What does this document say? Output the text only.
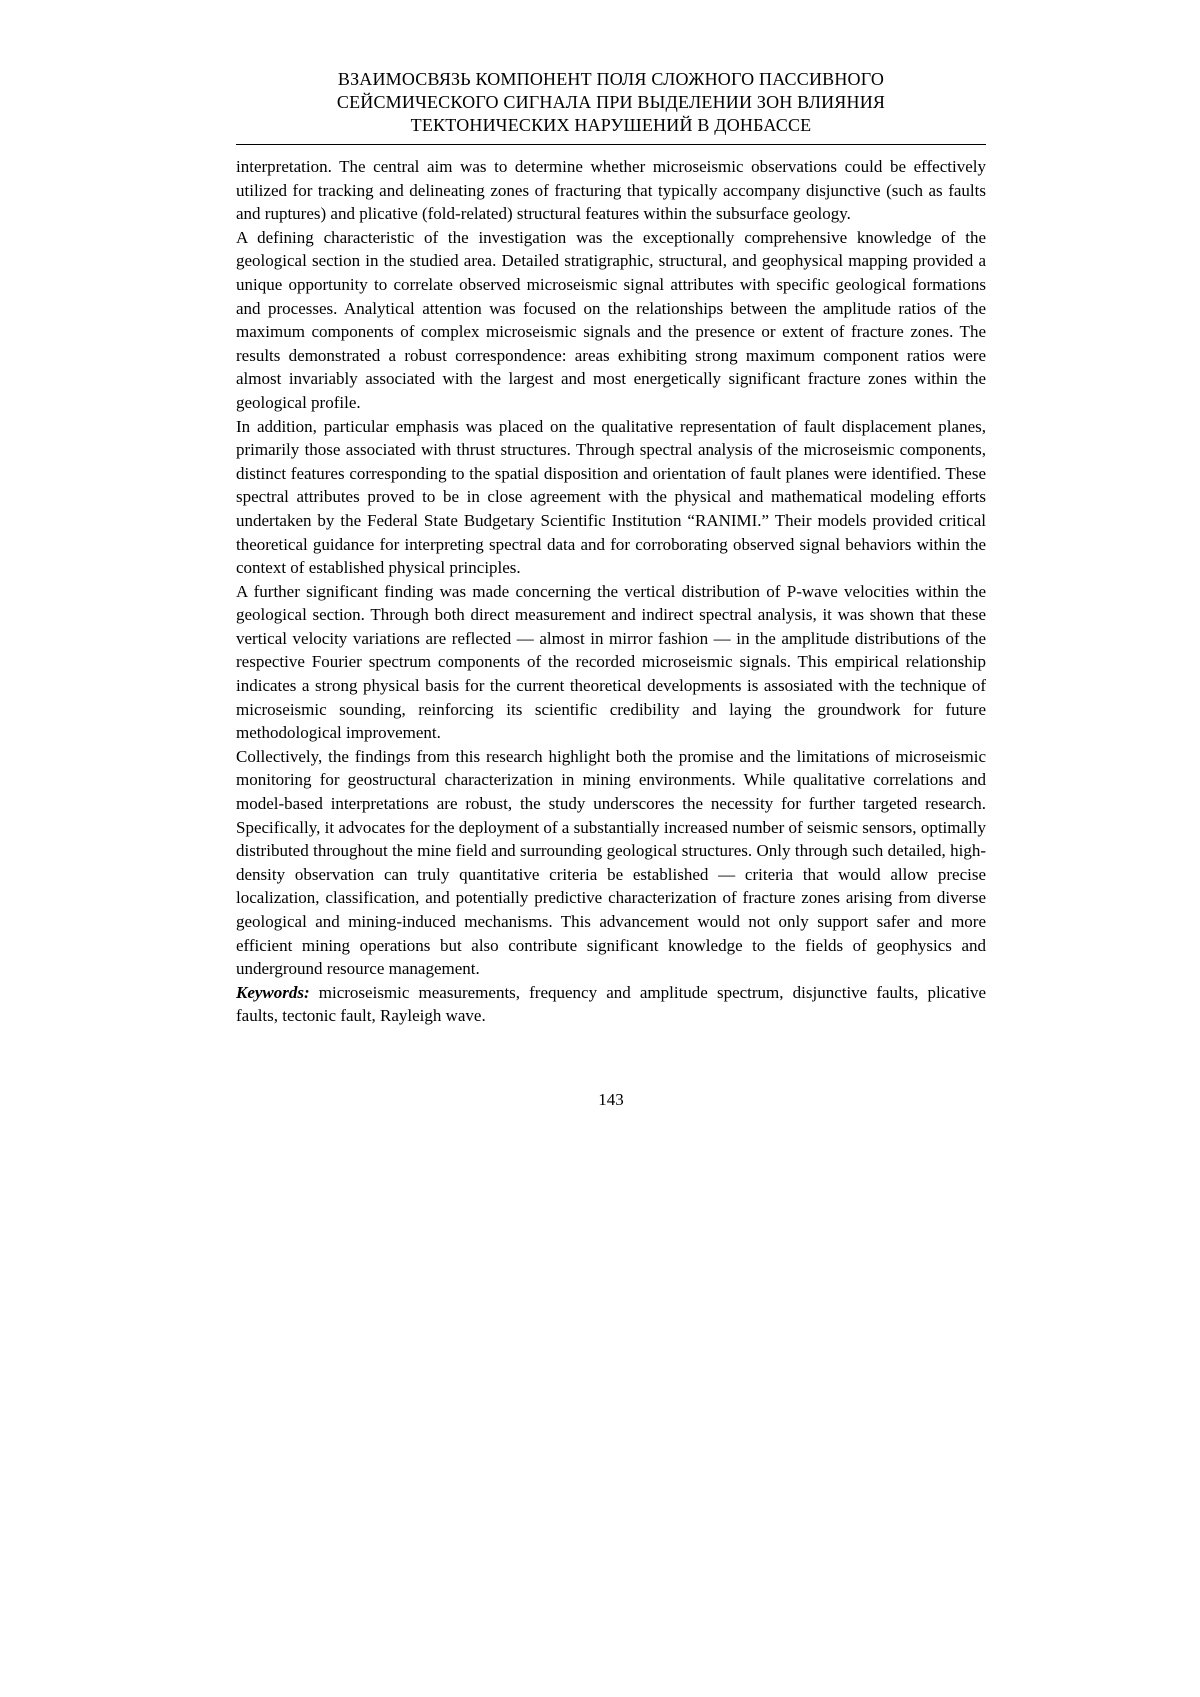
ВЗАИМОСВЯЗЬ КОМПОНЕНТ ПОЛЯ СЛОЖНОГО ПАССИВНОГО
СЕЙСМИЧЕСКОГО СИГНАЛА ПРИ ВЫДЕЛЕНИИ ЗОН ВЛИЯНИЯ
ТЕКТОНИЧЕСКИХ НАРУШЕНИЙ В ДОНБАССЕ

interpretation. The central aim was to determine whether microseismic observations could be effectively utilized for tracking and delineating zones of fracturing that typically accompany disjunctive (such as faults and ruptures) and plicative (fold-related) structural features within the subsurface geology.

A defining characteristic of the investigation was the exceptionally comprehensive knowledge of the geological section in the studied area. Detailed stratigraphic, structural, and geophysical mapping provided a unique opportunity to correlate observed microseismic signal attributes with specific geological formations and processes. Analytical attention was focused on the relationships between the amplitude ratios of the maximum components of complex microseismic signals and the presence or extent of fracture zones. The results demonstrated a robust correspondence: areas exhibiting strong maximum component ratios were almost invariably associated with the largest and most energetically significant fracture zones within the geological profile.

In addition, particular emphasis was placed on the qualitative representation of fault displacement planes, primarily those associated with thrust structures. Through spectral analysis of the microseismic components, distinct features corresponding to the spatial disposition and orientation of fault planes were identified. These spectral attributes proved to be in close agreement with the physical and mathematical modeling efforts undertaken by the Federal State Budgetary Scientific Institution “RANIMI.” Their models provided critical theoretical guidance for interpreting spectral data and for corroborating observed signal behaviors within the context of established physical principles.

A further significant finding was made concerning the vertical distribution of P-wave velocities within the geological section. Through both direct measurement and indirect spectral analysis, it was shown that these vertical velocity variations are reflected — almost in mirror fashion — in the amplitude distributions of the respective Fourier spectrum components of the recorded microseismic signals. This empirical relationship indicates a strong physical basis for the current theoretical developments is assosiated with the technique of microseismic sounding, reinforcing its scientific credibility and laying the groundwork for future methodological improvement.

Collectively, the findings from this research highlight both the promise and the limitations of microseismic monitoring for geostructural characterization in mining environments. While qualitative correlations and model-based interpretations are robust, the study underscores the necessity for further targeted research. Specifically, it advocates for the deployment of a substantially increased number of seismic sensors, optimally distributed throughout the mine field and surrounding geological structures. Only through such detailed, high-density observation can truly quantitative criteria be established — criteria that would allow precise localization, classification, and potentially predictive characterization of fracture zones arising from diverse geological and mining-induced mechanisms. This advancement would not only support safer and more efficient mining operations but also contribute significant knowledge to the fields of geophysics and underground resource management.

Keywords: microseismic measurements, frequency and amplitude spectrum, disjunctive faults, plicative faults, tectonic fault, Rayleigh wave.

143
